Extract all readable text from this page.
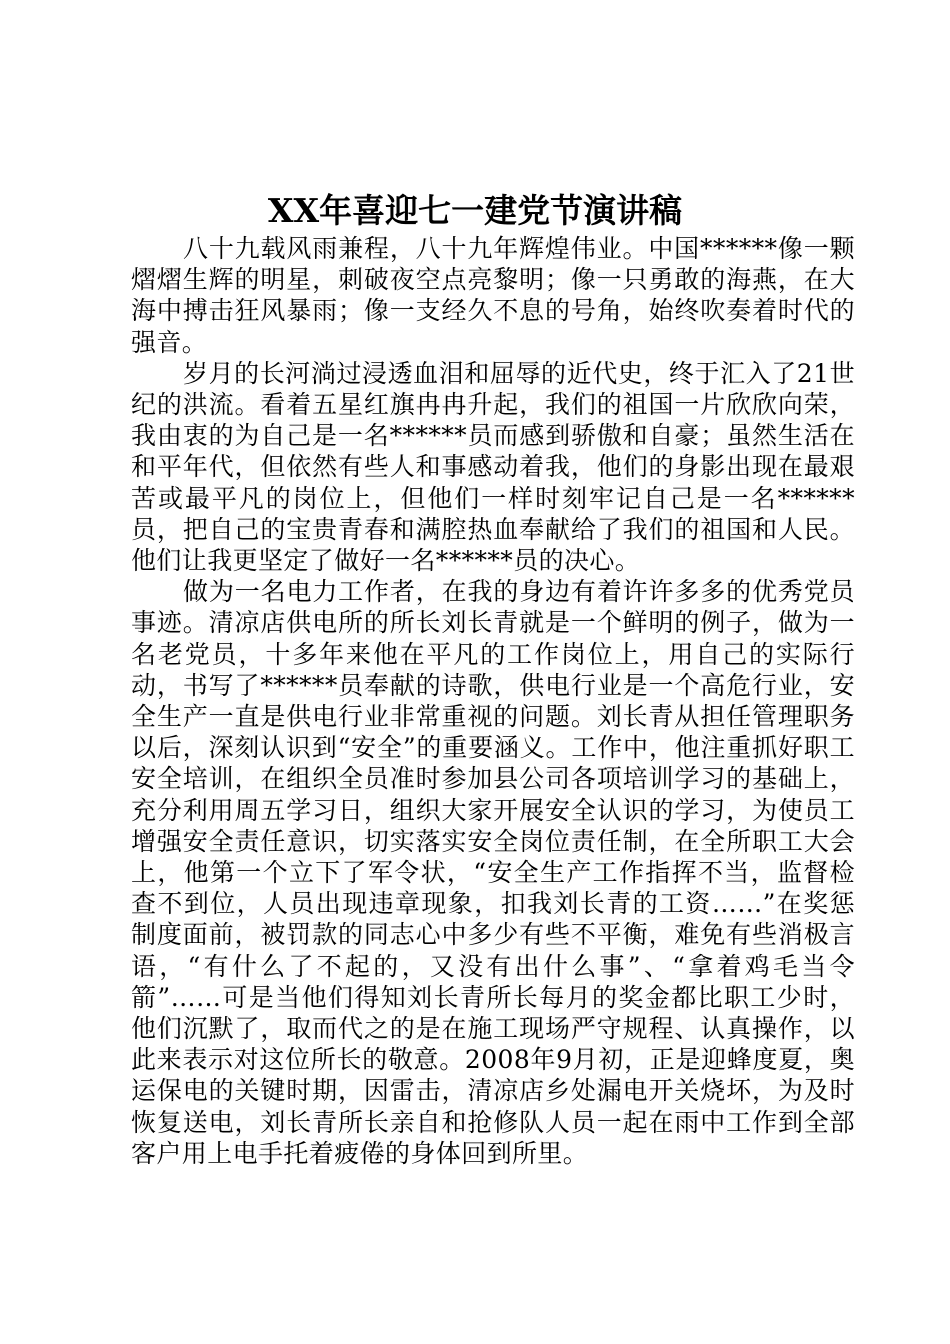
XX年喜迎七一建党节演讲稿

八十九载风雨兼程，八十九年辉煌伟业。中国******像一颗熠熠生辉的明星，刺破夜空点亮黎明；像一只勇敢的海燕，在大海中搏击狂风暴雨；像一支经久不息的号角，始终吹奏着时代的强音。

岁月的长河淌过浸透血泪和屈辱的近代史，终于汇入了21世纪的洪流。看着五星红旗冉冉升起，我们的祖国一片欣欣向荣，我由衷的为自己是一名******员而感到骄傲和自豪；虽然生活在和平年代，但依然有些人和事感动着我，他们的身影出现在最艰苦或最平凡的岗位上，但他们一样时刻牢记自己是一名******员，把自己的宝贵青春和满腔热血奉献给了我们的祖国和人民。他们让我更坚定了做好一名******员的决心。

做为一名电力工作者，在我的身边有着许许多多的优秀党员事迹。清凉店供电所的所长刘长青就是一个鲜明的例子，做为一名老党员，十多年来他在平凡的工作岗位上，用自己的实际行动，书写了******员奉献的诗歌，供电行业是一个高危行业，安全生产一直是供电行业非常重视的问题。刘长青从担任管理职务以后，深刻认识到“安全”的重要涵义。工作中，他注重抓好职工安全培训，在组织全员准时参加县公司各项培训学习的基础上，充分利用周五学习日，组织大家开展安全认识的学习，为使员工增强安全责任意识，切实落实安全岗位责任制，在全所职工大会上，他第一个立下了军令状，“安全生产工作指挥不当，监督检查不到位，人员出现违章现象，扣我刘长青的工资……”在奖惩制度面前，被罚款的同志心中多少有些不平衡，难免有些消极言语，“有什么了不起的，又没有出什么事”、“拿着鸡毛当令箭”……可是当他们得知刘长青所长每月的奖金都比职工少时，他们沉默了，取而代之的是在施工现场严守规程、认真操作，以此来表示对这位所长的敬意。2008年9月初，正是迎蜂度夏，奥运保电的关键时期，因雷击，清凉店乡处漏电开关烧坏，为及时恢复送电，刘长青所长亲自和抢修队人员一起在雨中工作到全部客户用上电手托着疲倦的身体回到所里。
